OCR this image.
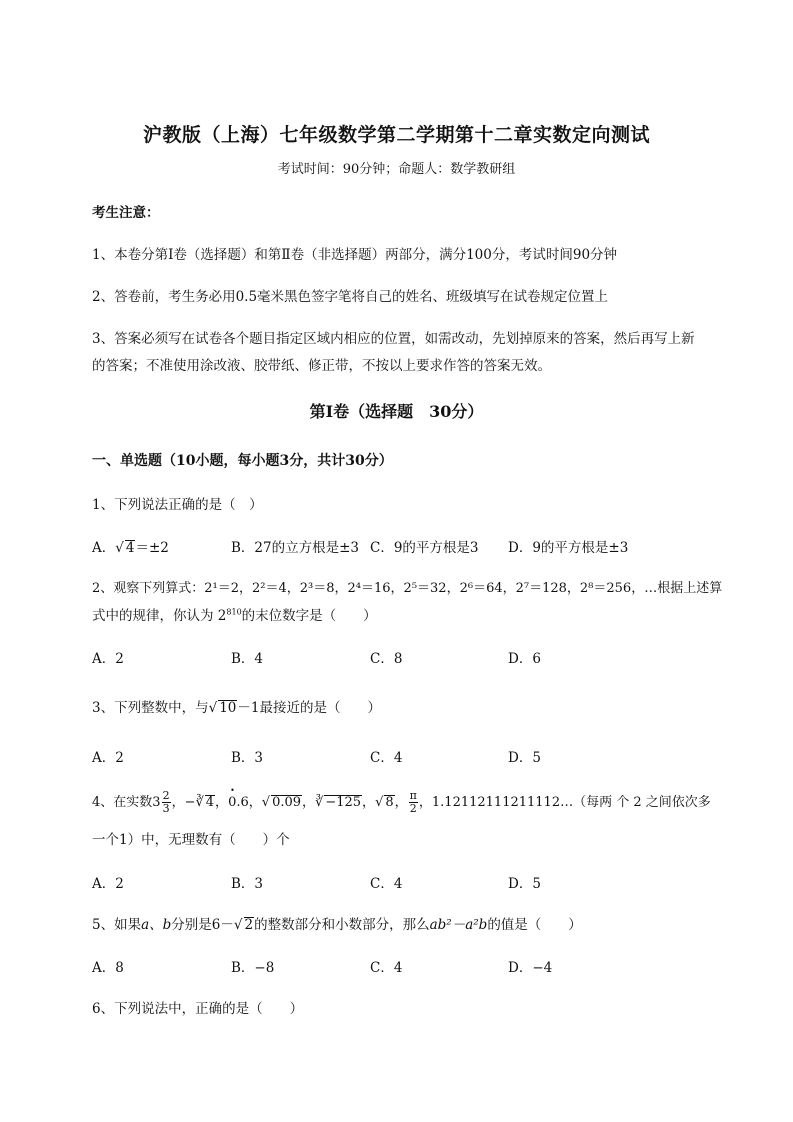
沪教版（上海）七年级数学第二学期第十二章实数定向测试
考试时间：90分钟；命题人：数学教研组
考生注意：
1、本卷分第Ⅰ卷（选择题）和第Ⅱ卷（非选择题）两部分，满分100分，考试时间90分钟
2、答卷前，考生务必用0.5毫米黑色签字笔将自己的姓名、班级填写在试卷规定位置上
3、答案必须写在试卷各个题目指定区域内相应的位置，如需改动，先划掉原来的答案，然后再写上新
的答案；不准使用涂改液、胶带纸、修正带，不按以上要求作答的答案无效。
第Ⅰ卷（选择题　30分）
一、单选题（10小题，每小题3分，共计30分）
1、下列说法正确的是（　）
A．√ 4＝±2	B．27的立方根是±3 C．9的平方根是3 D．9的平方根是±3
2、观察下列算式：2¹＝2，2²＝4，2³＝8，2⁴＝16，2⁵＝32，2⁶＝64，2⁷＝128，2⁸＝256，…根据上述算
式中的规律，你认为 $2^{810}$的末位数字是（　　）
A．2	B．4	C．8	D．6
3、下列整数中，与√ 10－1最接近的是（　　）
A．2	B．3	C．4	D．5
4、在实数$3 \frac{2}{3}$ ，−∛ 4，0.6 •，√ 0.09，∛ −125，√ 8， $\frac{\pi}{2}$ ，1.12112111211112…（每两 个 2 之间依次多
一个1）中，无理数有（　　）个
A．2	B．3	C．4	D．5
5、如果a、b分别是6－√ 2的整数部分和小数部分，那么ab²－a²b的值是（　　）
A．8	B．−8	C．4	D．−4
6、下列说法中，正确的是（　　）
